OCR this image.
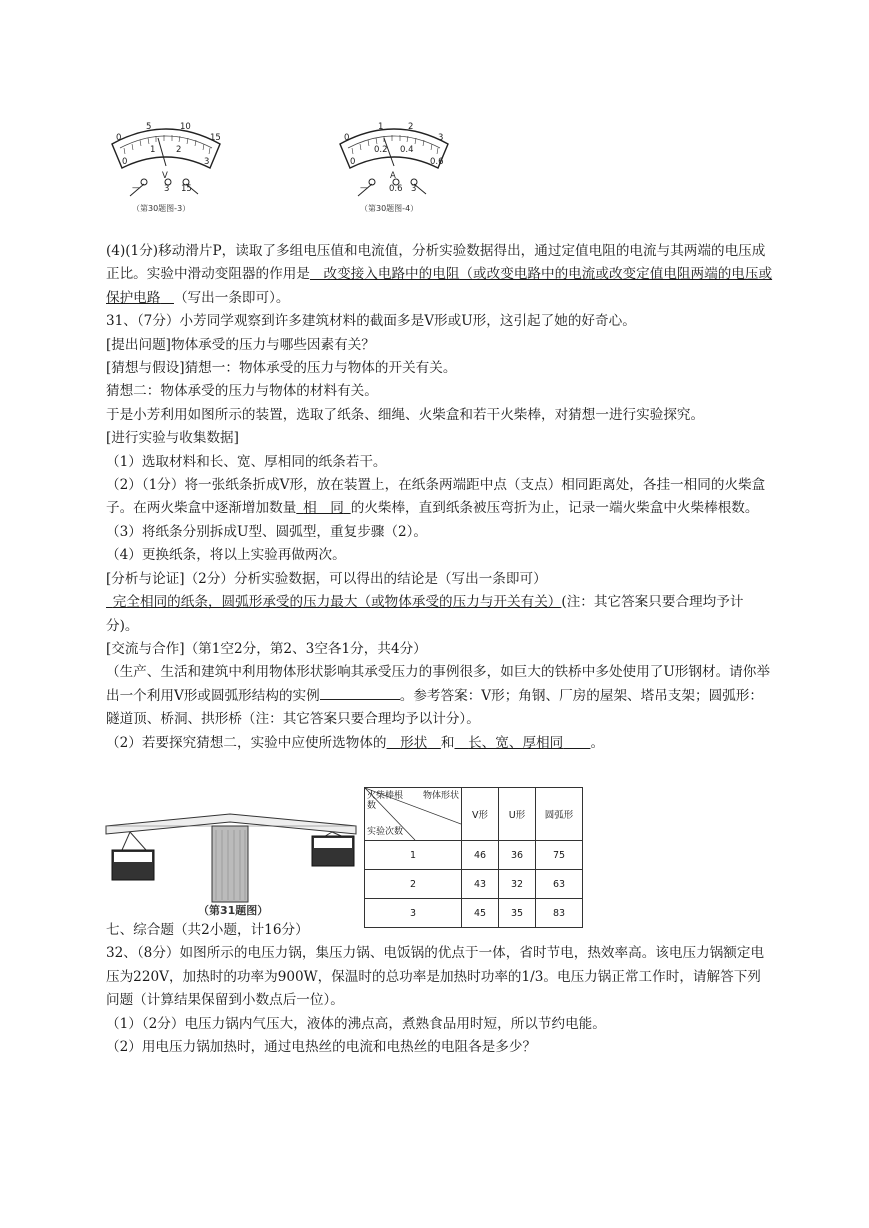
0
5	10
15
0
1 2
3
V
—	3 15
（第30题图-3）
0
1	2
3
0
0.2 0.4
0.6
A
— 0.6 3
（第30题图-4）

(4)(1分)移动滑片P，读取了多组电压值和电流值，分析实验数据得出，通过定值电阻的电流与其两端的电压成正比。实验中滑动变阻器的作用是  改变接入电路中的电阻（或改变电路中的电流或改变定值电阻两端的电压或保护电路  （写出一条即可）。

31、（7分）小芳同学观察到许多建筑材料的截面多是V形或U形，这引起了她的好奇心。

[提出问题]物体承受的压力与哪些因素有关？

[猜想与假设]猜想一：物体承受的压力与物体的开关有关。

猜想二：物体承受的压力与物体的材料有关。

于是小芳利用如图所示的装置，选取了纸条、细绳、火柴盒和若干火柴棒，对猜想一进行实验探究。

[进行实验与收集数据]

（1）选取材料和长、宽、厚相同的纸条若干。

（2）（1分）将一张纸条折成V形，放在装置上，在纸条两端距中点（支点）相同距离处，各挂一相同的火柴盒子。在两火柴盒中逐渐增加数量  相　同  的火柴棒，直到纸条被压弯折为止，记录一端火柴盒中火柴棒根数。

（3）将纸条分别拆成U型、圆弧型，重复步骤（2）。

（4）更换纸条，将以上实验再做两次。

[分析与论证]（2分）分析实验数据，可以得出的结论是（写出一条即可）

 完全相同的纸条，圆弧形承受的压力最大（或物体承受的压力与开关有关）(注：其它答案只要合理均予计分)。

[交流与合作]（第1空2分，第2、3空各1分，共4分）

（生产、生活和建筑中利用物体形状影响其承受压力的事例很多，如巨大的铁桥中多处使用了U形钢材。请你举出一个利用V形或圆弧形结构的实例	。参考答案：V形；角钢、厂房的屋架、塔吊支架；圆弧形：隧道顶、桥洞、拱形桥（注：其它答案只要合理均予以计分）。

（2）若要探究猜想二，实验中应使所选物体的  形状  和  长、宽、厚相同   。

（第31题图）
火柴棒根数
物体形状
实验次数	V形	U形	圆弧形
1	46	36	75
2	43	32	63
3	45	35	83

七、综合题（共2小题，计16分）

32、（8分）如图所示的电压力锅，集压力锅、电饭锅的优点于一体，省时节电，热效率高。该电压力锅额定电压为220V，加热时的功率为900W，保温时的总功率是加热时功率的1/3。电压力锅正常工作时，请解答下列问题（计算结果保留到小数点后一位）。

（1）（2分）电压力锅内气压大，液体的沸点高，煮熟食品用时短，所以节约电能。

（2）用电压力锅加热时，通过电热丝的电流和电热丝的电阻各是多少？
